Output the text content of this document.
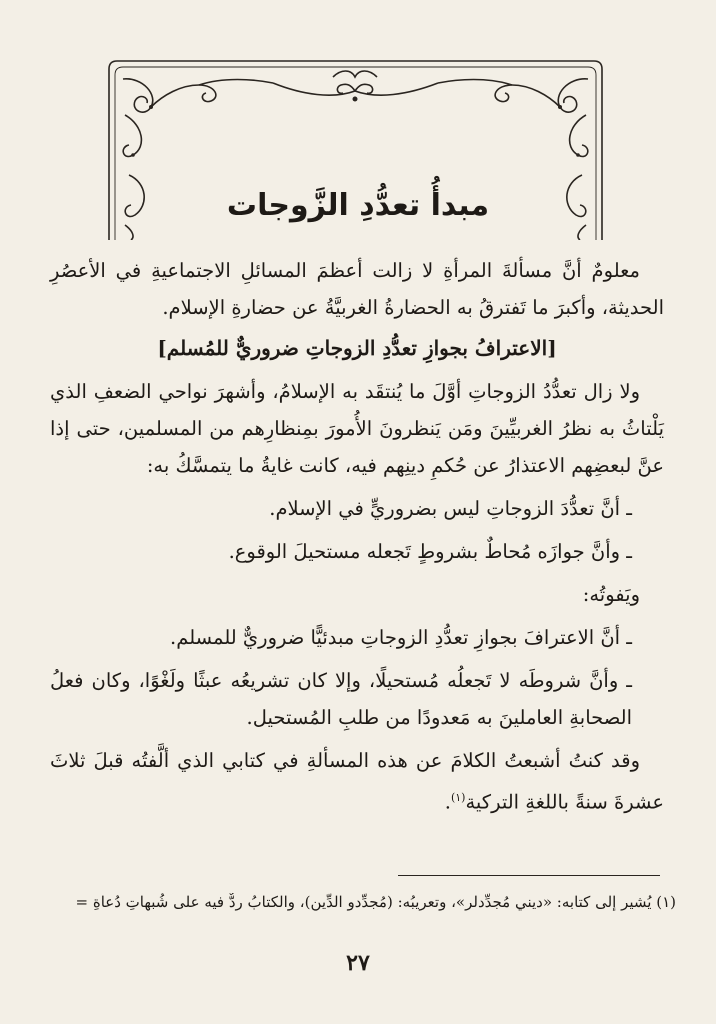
مبدأُ تعدُّدِ الزَّوجات

معلومٌ أنَّ مسألةَ المرأةِ لا زالت أعظمَ المسائلِ الاجتماعيةِ في الأعصُرِ الحديثة، وأكبرَ ما تَفترقُ به الحضارةُ الغربيَّةُ عن حضارةِ الإسلام.

[الاعترافُ بجوازِ تعدُّدِ الزوجاتِ ضروريٌّ للمُسلم]

ولا زال تعدُّدُ الزوجاتِ أوَّلَ ما يُنتقَد به الإسلامُ، وأشهرَ نواحي الضعفِ الذي يَلْتاثُ به نظرُ الغربيِّينَ ومَن يَنظرونَ الأُمورَ بمِنظارِهم من المسلمين، حتى إذا عنَّ لبعضِهم الاعتذارُ عن حُكمِ دينِهم فيه، كانت غايةُ ما يتمسَّكُ به:

ـ أنَّ تعدُّدَ الزوجاتِ ليس بضروريٍّ في الإسلام.

ـ وأنَّ جوازَه مُحاطٌ بشروطٍ تَجعله مستحيلَ الوقوع.

ويَفوتُه:

ـ أنَّ الاعترافَ بجوازِ تعدُّدِ الزوجاتِ مبدئيًّا ضروريٌّ للمسلم.

ـ وأنَّ شروطَه لا تَجعلُه مُستحيلًا، وإلا كان تشريعُه عبثًا ولَغْوًا، وكان فعلُ الصحابةِ العاملينَ به مَعدودًا من طلبِ المُستحيل.

وقد كنتُ أشبعتُ الكلامَ عن هذه المسألةِ في كتابي الذي ألَّفتُه قبلَ ثلاثَ عشرةَ سنةً باللغةِ التركية$^{(١)}$.

(١) يُشير إلى كتابه: «ديني مُجدِّدلر»، وتعريبُه: (مُجدِّدو الدِّين)، والكتابُ ردٌّ فيه على شُبهاتِ دُعاةِ =
٢٧
